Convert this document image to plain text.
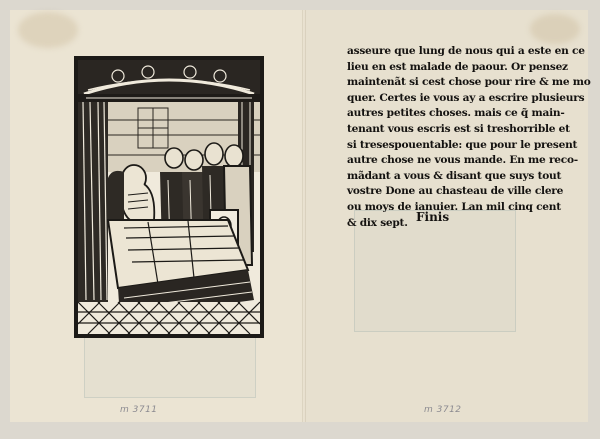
asseure que lung de nous qui a este en ce
lieu en est malade de paour. Or pensez
maintenãt si cest chose pour rire & me mo
quer. Certes ie vous ay a escrire plusieurs
autres petites choses. mais ce q̃ main-
tenant vous escris est si treshorrible et
si tresespouentable: que pour le present
autre chose ne vous mande. En me reco-
mãdant a vous & disant que suys tout
vostre Done au chasteau de ville clere
ou moys de ianuier. Lan mil cinq cent
& dix sept. Finis
m 3711	m 3712
